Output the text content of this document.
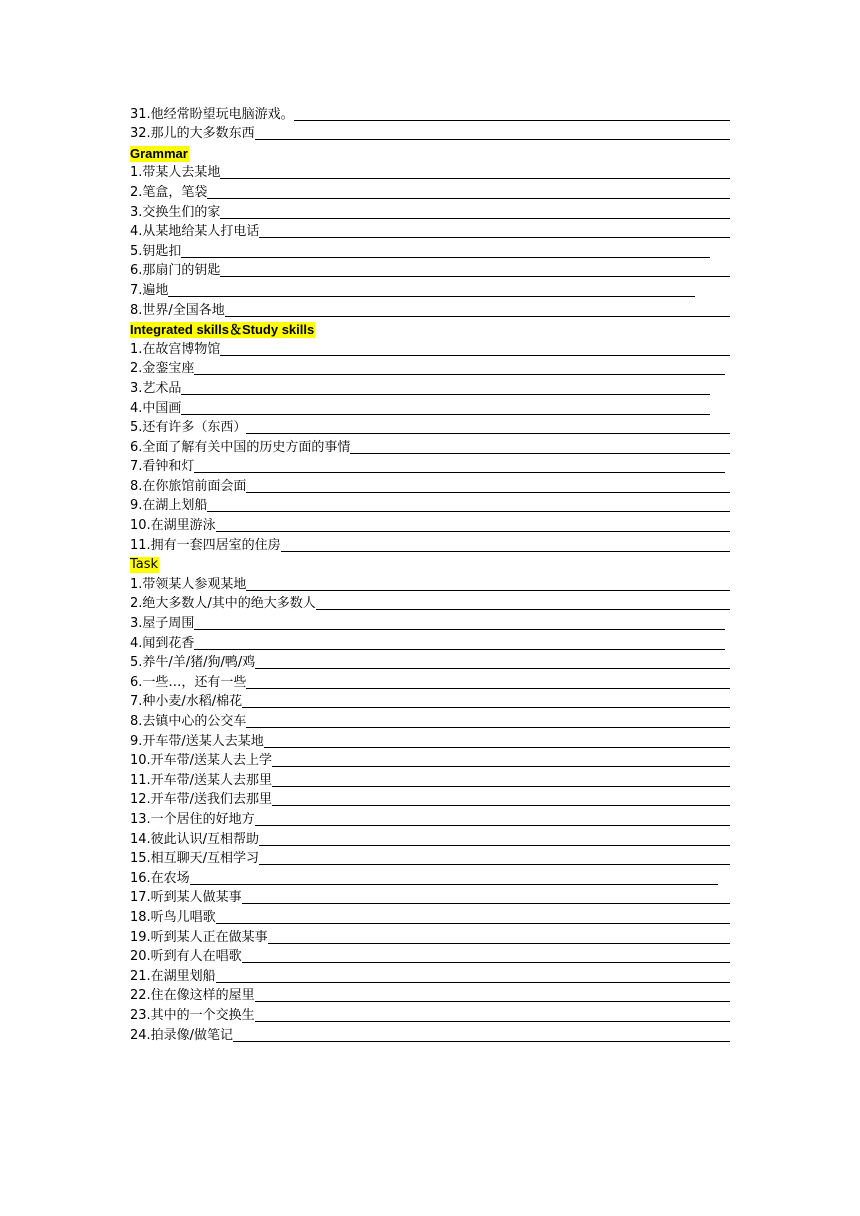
31.他经常盼望玩电脑游戏。
32.那儿的大多数东西
Grammar
1.带某人去某地
2.笔盒，笔袋
3.交换生们的家
4.从某地给某人打电话
5.钥匙扣
6.那扇门的钥匙
7.遍地
8.世界/全国各地
Integrated skills＆Study skills
1.在故宫博物馆
2.金銮宝座
3.艺术品
4.中国画
5.还有许多（东西）
6.全面了解有关中国的历史方面的事情
7.看钟和灯
8.在你旅馆前面会面
9.在湖上划船
10.在湖里游泳
11.拥有一套四居室的住房
Task
1.带领某人参观某地
2.绝大多数人/其中的绝大多数人
3.屋子周围
4.闻到花香
5.养牛/羊/猪/狗/鸭/鸡
6.一些…，还有一些
7.种小麦/水稻/棉花
8.去镇中心的公交车
9.开车带/送某人去某地
10.开车带/送某人去上学
11.开车带/送某人去那里
12.开车带/送我们去那里
13.一个居住的好地方
14.彼此认识/互相帮助
15.相互聊天/互相学习
16.在农场
17.听到某人做某事
18.听鸟儿唱歌
19.听到某人正在做某事
20.听到有人在唱歌
21.在湖里划船
22.住在像这样的屋里
23.其中的一个交换生
24.拍录像/做笔记
